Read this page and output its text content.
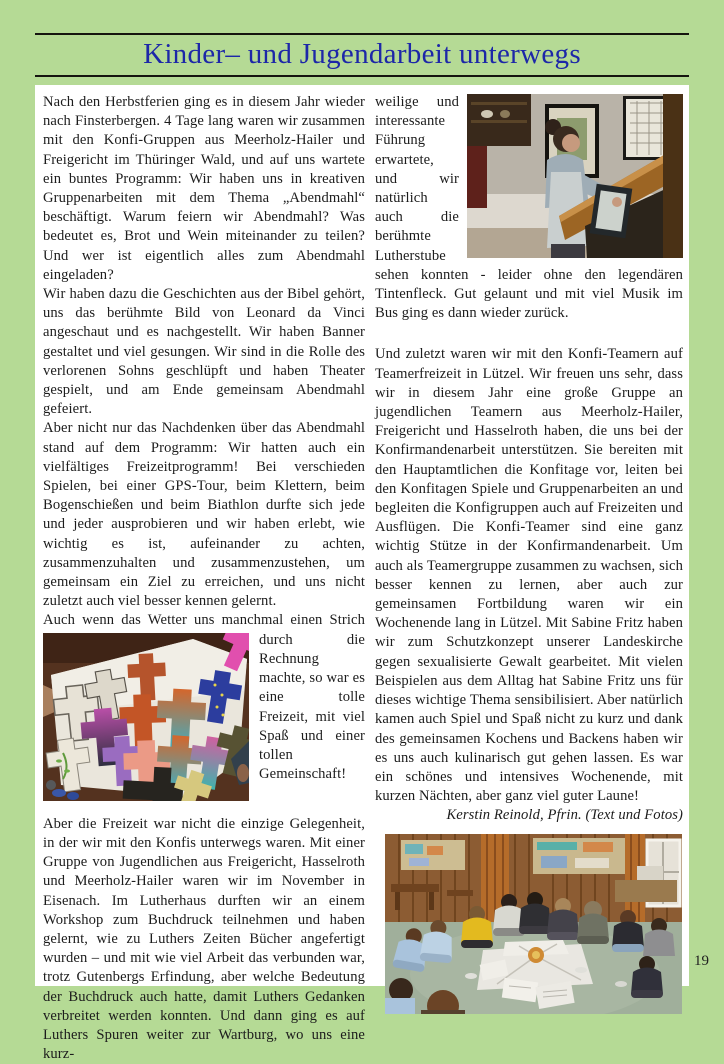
Kinder– und Jugendarbeit unterwegs

Nach den Herbstferien ging es in diesem Jahr wieder nach Finsterbergen. 4 Tage lang waren wir zusammen mit den Konfi-Gruppen aus Meerholz-Hailer und Freigericht im Thüringer Wald, und auf uns wartete ein buntes Programm: Wir haben uns in kreativen Gruppenarbeiten mit dem Thema „Abendmahl“ beschäftigt. Warum feiern wir Abendmahl? Was bedeutet es, Brot und Wein miteinander zu teilen? Und wer ist eigentlich alles zum Abendmahl eingeladen?

Wir haben dazu die Geschichten aus der Bibel gehört, uns das berühmte Bild von Leonard da Vinci angeschaut und es nachgestellt. Wir haben Banner gestaltet und viel gesungen. Wir sind in die Rolle des verlorenen Sohns geschlüpft und haben Theater gespielt, und am Ende gemeinsam Abendmahl gefeiert.

Aber nicht nur das Nachdenken über das Abendmahl stand auf dem Programm: Wir hatten auch ein vielfältiges Freizeitprogramm! Bei verschieden Spielen, bei einer GPS-Tour, beim Klettern, beim Bogenschießen und beim Biathlon durfte sich jede und jeder ausprobieren und wir haben erlebt, wie wichtig es ist, aufeinander zu achten, zusammenzuhalten und zusammenzustehen, um gemeinsam ein Ziel zu erreichen, und uns nicht zuletzt auch viel besser kennen gelernt.

Auch wenn das Wetter uns manchmal einen Strich

durch die Rechnung machte, so war es eine tolle Freizeit, mit viel Spaß und einer tollen Gemeinschaft!

Aber die Freizeit war nicht die einzige Gelegenheit, in der wir mit den Konfis unterwegs waren. Mit einer Gruppe von Jugendlichen aus Freigericht, Hasselroth und Meerholz-Hailer waren wir im November in Eisenach. Im Lutherhaus durften wir an einem Workshop zum Buchdruck teilnehmen und haben gelernt, wie zu Luthers Zeiten Bücher angefertigt wurden – und mit wie viel Arbeit das verbunden war, trotz Gutenbergs Erfindung, aber welche Bedeutung der Buchdruck auch hatte, damit Luthers Gedanken verbreitet werden konnten. Und dann ging es auf Luthers Spuren weiter zur Wartburg, wo uns eine kurz-

weilige und interessante Führung erwartete, und wir natürlich auch die berühmte Lutherstube sehen konnten - leider ohne den legendären Tintenfleck. Gut gelaunt und mit viel Musik im Bus ging es dann wieder zurück.

Und zuletzt waren wir mit den Konfi-Teamern auf Teamerfreizeit in Lützel. Wir freuen uns sehr, dass wir in diesem Jahr eine große Gruppe an jugendlichen Teamern aus Meerholz-Hailer, Freigericht und Hasselroth haben, die uns bei der Konfirmandenarbeit unterstützen. Sie bereiten mit den Hauptamtlichen die Konfitage vor, leiten bei den Konfitagen Spiele und Gruppenarbeiten an und begleiten die Konfigruppen auch auf Freizeiten und Ausflügen. Die Konfi-Teamer sind eine ganz wichtig Stütze in der Konfirmandenarbeit. Um auch als Teamergruppe zusammen zu wachsen, sich besser kennen zu lernen, aber auch zur gemeinsamen Fortbildung waren wir ein Wochenende lang in Lützel. Mit Sabine Fritz haben wir zum Schutzkonzept unserer Landeskirche gegen sexualisierte Gewalt gearbeitet. Mit vielen Beispielen aus dem Alltag hat Sabine Fritz uns für dieses wichtige Thema sensibilisiert. Aber natürlich kamen auch Spiel und Spaß nicht zu kurz und dank des gemeinsamen Kochens und Backens haben wir es uns auch kulinarisch gut gehen lassen. Es war ein schönes und intensives Wochenende, mit kurzen Nächten, aber ganz viel guter Laune!

Kerstin Reinold, Pfrin. (Text und Fotos)

19
